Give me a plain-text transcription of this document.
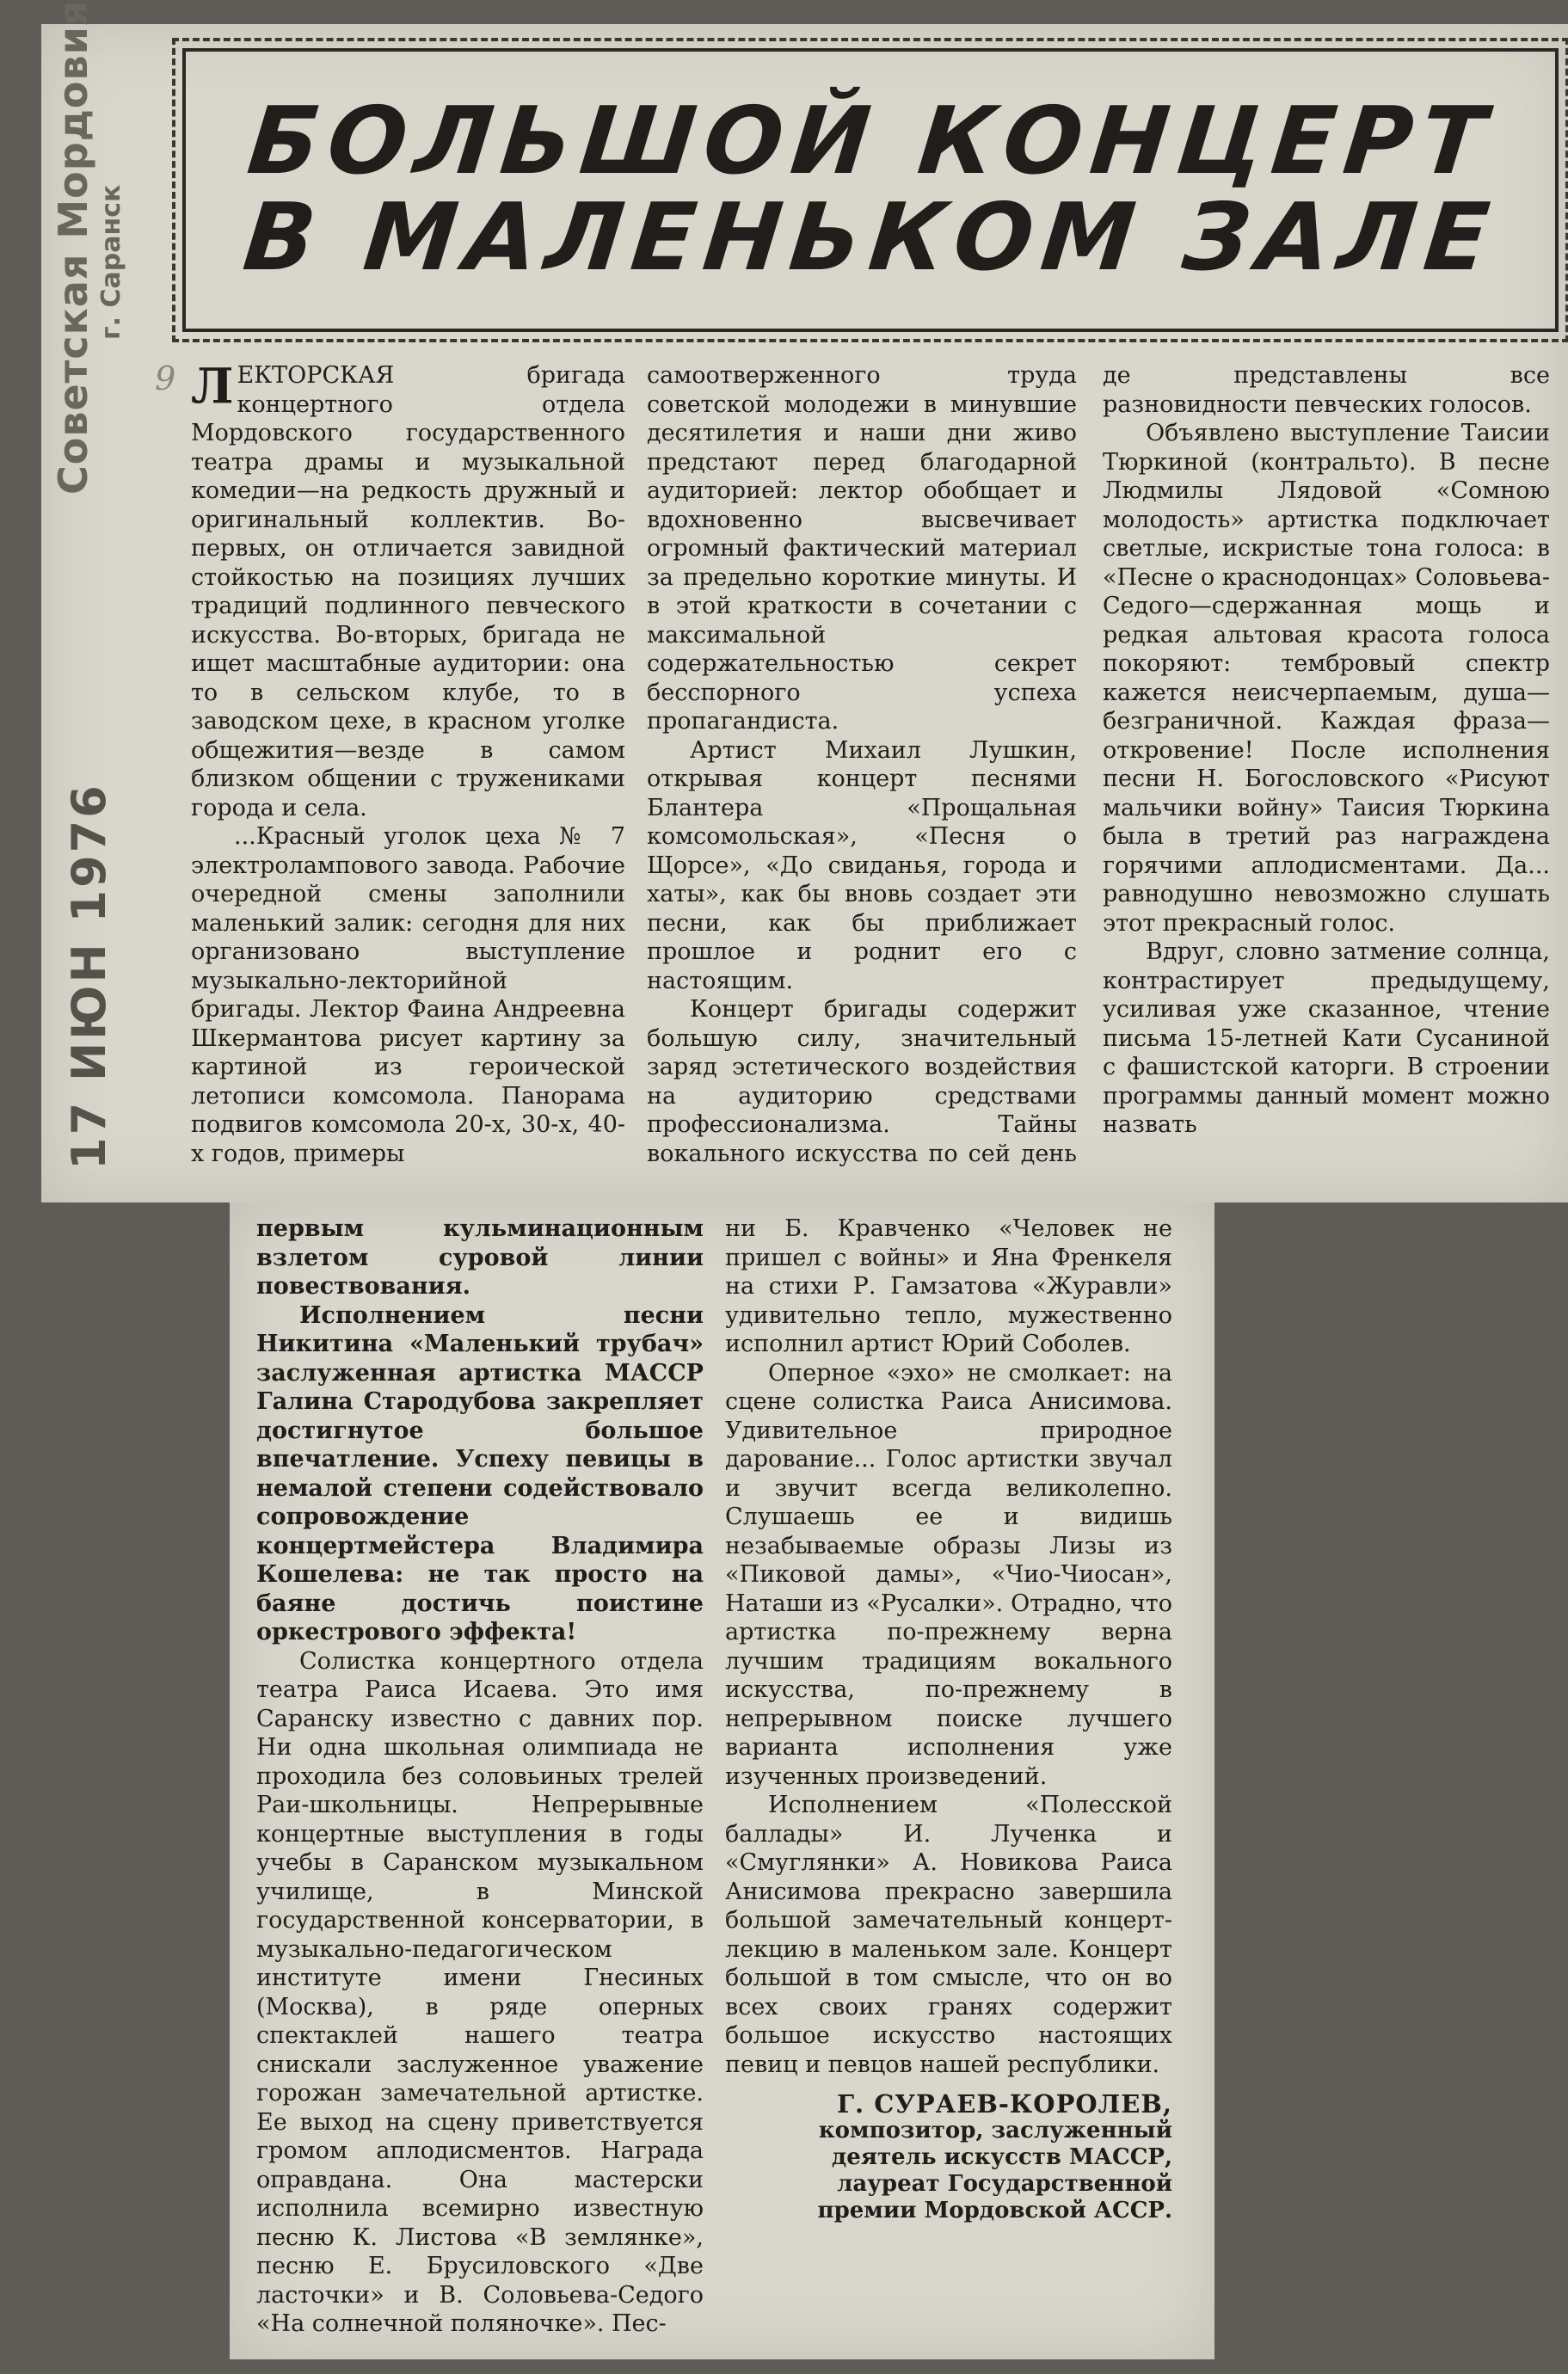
Советская Мордовия г. Саранск
17 ИЮН 1976
БОЛЬШОЙ КОНЦЕРТ
В МАЛЕНЬКОМ ЗАЛЕ
9 ЛЕКТОРСКАЯ бригада концертного отдела Мордовского государственного театра драмы и музыкальной комедии—на редкость дружный и оригинальный коллектив. Во-первых, он отличается завидной стойкостью на позициях лучших традиций подлинного певческого искусства. Во-вторых, бригада не ищет масштабные аудитории: она то в сельском клубе, то в заводском цехе, в красном уголке общежития—везде в самом близком общении с тружениками города и села.

...Красный уголок цеха № 7 электролампового завода. Рабочие очередной смены заполнили маленький залик: сегодня для них организовано выступление музыкально-лекторийной бригады. Лектор Фаина Андреевна Шкермантова рисует картину за картиной из героической летописи комсомола. Панорама подвигов комсомола 20-х, 30-х, 40-х годов, примеры

самоотверженного труда советской молодежи в минувшие десятилетия и наши дни живо предстают перед благодарной аудиторией: лектор обобщает и вдохновенно высвечивает огромный фактический материал за предельно короткие минуты. И в этой краткости в сочетании с максимальной содержательностью секрет бесспорного успеха пропагандиста.

Артист Михаил Лушкин, открывая концерт песнями Блантера «Прощальная комсомольская», «Песня о Щорсе», «До свиданья, города и хаты», как бы вновь создает эти песни, как бы приближает прошлое и роднит его с настоящим.

Концерт бригады содержит большую силу, значительный заряд эстетического воздействия на аудиторию средствами профессионализма. Тайны вокального искусства по сей день

де представлены все разновидности певческих голосов.

Объявлено выступление Таисии Тюркиной (контральто). В песне Людмилы Лядовой «Сомною молодость» артистка подключает светлые, искристые тона голоса: в «Песне о краснодонцах» Соловьева-Седого—сдержанная мощь и редкая альтовая красота голоса покоряют: тембровый спектр кажется неисчерпаемым, душа—безграничной. Каждая фраза—откровение! После исполнения песни Н. Богословского «Рисуют мальчики войну» Таисия Тюркина была в третий раз награждена горячими аплодисментами. Да... равнодушно невозможно слушать этот прекрасный голос.

Вдруг, словно затмение солнца, контрастирует предыдущему, усиливая уже сказанное, чтение письма 15-летней Кати Сусаниной с фашистской каторги. В строении программы данный момент можно назвать

первым кульминационным взлетом суровой линии повествования.

Исполнением песни Никитина «Маленький трубач» заслуженная артистка МАССР Галина Стародубова закрепляет достигнутое большое впечатление. Успеху певицы в немалой степени содействовало сопровождение концертмейстера Владимира Кошелева: не так просто на баяне достичь поистине оркестрового эффекта!

Солистка концертного отдела театра Раиса Исаева. Это имя Саранску известно с давних пор. Ни одна школьная олимпиада не проходила без соловьиных трелей Раи-школьницы. Непрерывные концертные выступления в годы учебы в Саранском музыкальном училище, в Минской государственной консерватории, в музыкально-педагогическом институте имени Гнесиных (Москва), в ряде оперных спектаклей нашего театра снискали заслуженное уважение горожан замечательной артистке. Ее выход на сцену приветствуется громом аплодисментов. Награда оправдана. Она мастерски исполнила всемирно известную песню К. Листова «В землянке», песню Е. Брусиловского «Две ласточки» и В. Соловьева-Седого «На солнечной поляночке». Пес-

ни Б. Кравченко «Человек не пришел с войны» и Яна Френкеля на стихи Р. Гамзатова «Журавли» удивительно тепло, мужественно исполнил артист Юрий Соболев.

Оперное «эхо» не смолкает: на сцене солистка Раиса Анисимова. Удивительное природное дарование... Голос артистки звучал и звучит всегда великолепно. Слушаешь ее и видишь незабываемые образы Лизы из «Пиковой дамы», «Чио-Чиосан», Наташи из «Русалки». Отрадно, что артистка по-прежнему верна лучшим традициям вокального искусства, по-прежнему в непрерывном поиске лучшего варианта исполнения уже изученных произведений.

Исполнением «Полесской баллады» И. Лученка и «Смуглянки» А. Новикова Раиса Анисимова прекрасно завершила большой замечательный концерт-лекцию в маленьком зале. Концерт большой в том смысле, что он во всех своих гранях содержит большое искусство настоящих певиц и певцов нашей республики.

Г. СУРАЕВ-КОРОЛЕВ,
композитор, заслуженный
деятель искусств МАССР,
лауреат Государственной
премии Мордовской АССР.
